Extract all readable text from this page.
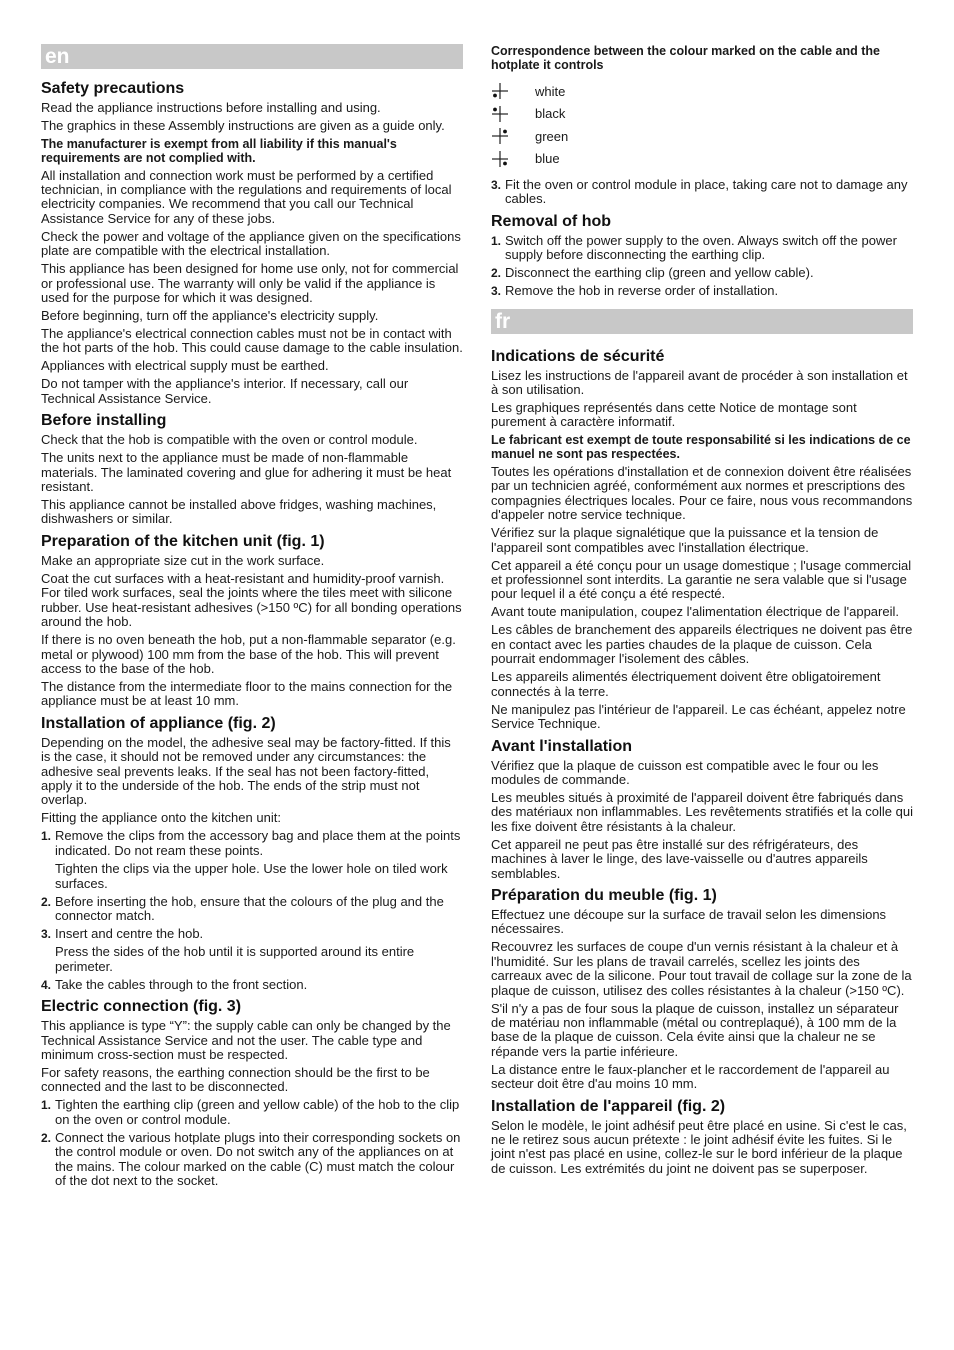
en
Safety precautions

Read the appliance instructions before installing and using.

The graphics in these Assembly instructions are given as a guide only.

The manufacturer is exempt from all liability if this manual's requirements are not complied with.

All installation and connection work must be performed by a certified technician, in compliance with the regulations and requirements of local electricity companies. We recommend that you call our Technical Assistance Service for any of these jobs.

Check the power and voltage of the appliance given on the specifications plate are compatible with the electrical installation.

This appliance has been designed for home use only, not for commercial or professional use. The warranty will only be valid if the appliance is used for the purpose for which it was designed.

Before beginning, turn off the appliance's electricity supply.

The appliance's electrical connection cables must not be in contact with the hot parts of the hob. This could cause damage to the cable insulation.

Appliances with electrical supply must be earthed.

Do not tamper with the appliance's interior. If necessary, call our Technical Assistance Service.

Before installing

Check that the hob is compatible with the oven or control module.

The units next to the appliance must be made of non-flammable materials. The laminated covering and glue for adhering it must be heat resistant.

This appliance cannot be installed above fridges, washing machines, dishwashers or similar.

Preparation of the kitchen unit (fig. 1)

Make an appropriate size cut in the work surface.

Coat the cut surfaces with a heat-resistant and humidity-proof varnish. For tiled work surfaces, seal the joints where the tiles meet with silicone rubber. Use heat-resistant adhesives (>150 ºC) for all bonding operations around the hob.

If there is no oven beneath the hob, put a non-flammable separator (e.g. metal or plywood) 100 mm from the base of the hob. This will prevent access to the base of the hob.

The distance from the intermediate floor to the mains connection for the appliance must be at least 10 mm.

Installation of appliance (fig. 2)

Depending on the model, the adhesive seal may be factory-fitted. If this is the case, it should not be removed under any circumstances: the adhesive seal prevents leaks. If the seal has not been factory-fitted, apply it to the underside of the hob. The ends of the strip must not overlap.

Fitting the appliance onto the kitchen unit:

1. Remove the clips from the accessory bag and place them at the points indicated. Do not ream these points.
Tighten the clips via the upper hole. Use the lower hole on tiled work surfaces.
2. Before inserting the hob, ensure that the colours of the plug and the connector match.
3. Insert and centre the hob.
Press the sides of the hob until it is supported around its entire perimeter.
4. Take the cables through to the front section.
Electric connection (fig. 3)

This appliance is type “Y”: the supply cable can only be changed by the Technical Assistance Service and not the user. The cable type and minimum cross-section must be respected.

For safety reasons, the earthing connection should be the first to be connected and the last to be disconnected.

1. Tighten the earthing clip (green and yellow cable) of the hob to the clip on the oven or control module.
2. Connect the various hotplate plugs into their corresponding sockets on the control module or oven. Do not switch any of the appliances on at the mains. The colour marked on the cable (C) must match the colour of the dot next to the socket.

Correspondence between the colour marked on the cable and the hotplate it controls

white
black
green
blue
3. Fit the oven or control module in place, taking care not to damage any cables.
Removal of hob
1. Switch off the power supply to the oven. Always switch off the power supply before disconnecting the earthing clip.
2. Disconnect the earthing clip (green and yellow cable).
3. Remove the hob in reverse order of installation.
fr
Indications de sécurité

Lisez les instructions de l'appareil avant de procéder à son installation et à son utilisation.

Les graphiques représentés dans cette Notice de montage sont purement à caractère informatif.

Le fabricant est exempt de toute responsabilité si les indications de ce manuel ne sont pas respectées.

Toutes les opérations d'installation et de connexion doivent être réalisées par un technicien agréé, conformément aux normes et prescriptions des compagnies électriques locales. Pour ce faire, nous vous recommandons d'appeler notre service technique.

Vérifiez sur la plaque signalétique que la puissance et la tension de l'appareil sont compatibles avec l'installation électrique.

Cet appareil a été conçu pour un usage domestique ; l'usage commercial et professionnel sont interdits. La garantie ne sera valable que si l'usage pour lequel il a été conçu a été respecté.

Avant toute manipulation, coupez l'alimentation électrique de l'appareil.

Les câbles de branchement des appareils électriques ne doivent pas être en contact avec les parties chaudes de la plaque de cuisson. Cela pourrait endommager l'isolement des câbles.

Les appareils alimentés électriquement doivent être obligatoirement connectés à la terre.

Ne manipulez pas l'intérieur de l'appareil. Le cas échéant, appelez notre Service Technique.

Avant l'installation

Vérifiez que la plaque de cuisson est compatible avec le four ou les modules de commande.

Les meubles situés à proximité de l'appareil doivent être fabriqués dans des matériaux non inflammables. Les revêtements stratifiés et la colle qui les fixe doivent être résistants à la chaleur.

Cet appareil ne peut pas être installé sur des réfrigérateurs, des machines à laver le linge, des lave-vaisselle ou d'autres appareils semblables.

Préparation du meuble (fig. 1)

Effectuez une découpe sur la surface de travail selon les dimensions nécessaires.

Recouvrez les surfaces de coupe d'un vernis résistant à la chaleur et à l'humidité. Sur les plans de travail carrelés, scellez les joints des carreaux avec de la silicone. Pour tout travail de collage sur la zone de la plaque de cuisson, utilisez des colles résistantes à la chaleur (>150 ºC).

S'il n'y a pas de four sous la plaque de cuisson, installez un séparateur de matériau non inflammable (métal ou contreplaqué), à 100 mm de la base de la plaque de cuisson. Cela évite ainsi que la chaleur ne se répande vers la partie inférieure.

La distance entre le faux-plancher et le raccordement de l'appareil au secteur doit être d'au moins 10 mm.

Installation de l'appareil (fig. 2)

Selon le modèle, le joint adhésif peut être placé en usine. Si c'est le cas, ne le retirez sous aucun prétexte : le joint adhésif évite les fuites. Si le joint n'est pas placé en usine, collez-le sur le bord inférieur de la plaque de cuisson. Les extrémités du joint ne doivent pas se superposer.
